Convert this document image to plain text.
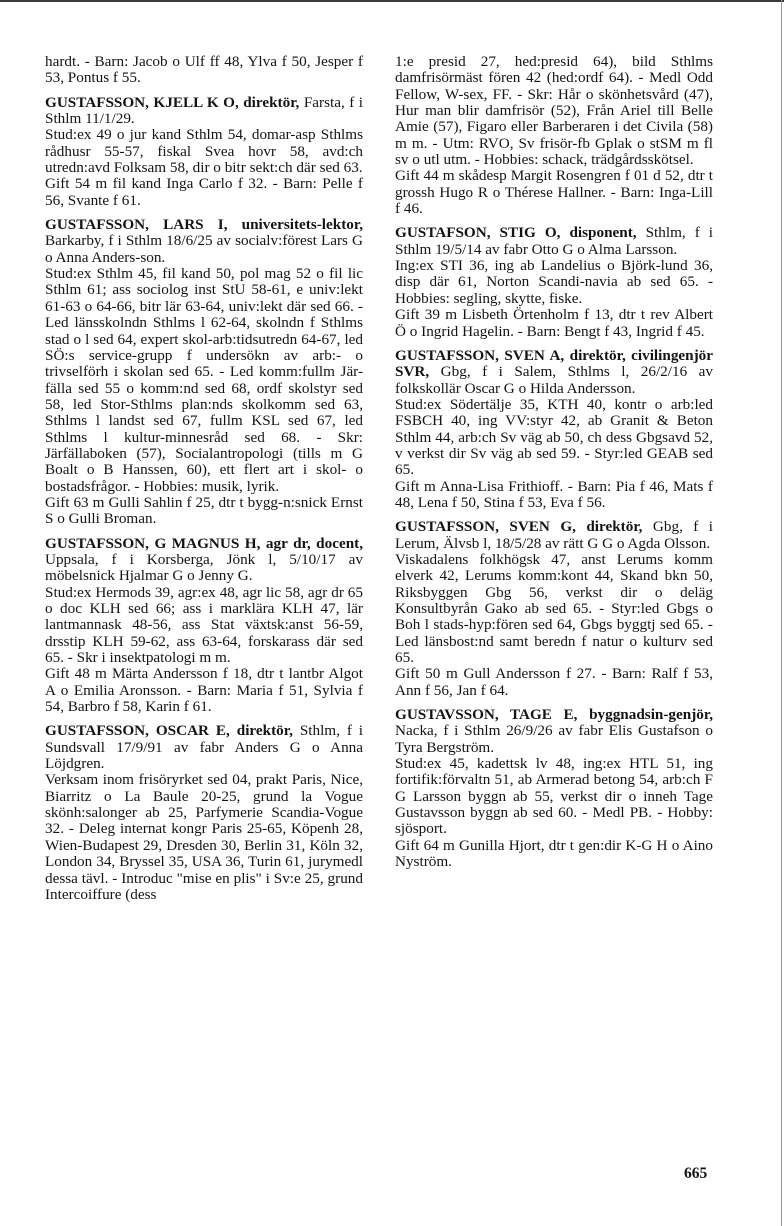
hardt. - Barn: Jacob o Ulf ff 48, Ylva f 50, Jesper f 53, Pontus f 55.
GUSTAFSSON, KJELL K O, direktör, Farsta, f i Sthlm 11/1/29.
Stud:ex 49 o jur kand Sthlm 54, domar-asp Sthlms rådhusr 55-57, fiskal Svea hovr 58, avd:ch utredn:avd Folksam 58, dir o bitr sekt:ch där sed 63.
Gift 54 m fil kand Inga Carlo f 32. - Barn: Pelle f 56, Svante f 61.
GUSTAFSSON, LARS I, universitets-lektor, Barkarby, f i Sthlm 18/6/25 av socialv:förest Lars G o Anna Anders-son.
Stud:ex Sthlm 45, fil kand 50, pol mag 52 o fil lic Sthlm 61; ass sociolog inst StU 58-61, e univ:lekt 61-63 o 64-66, bitr lär 63-64, univ:lekt där sed 66. - Led länsskolndn Sthlms l 62-64, skolndn f Sthlms stad o l sed 64, expert skol-arb:tidsutredn 64-67, led SÖ:s service-grupp f undersökn av arb:- o trivselförh i skolan sed 65. - Led komm:fullm Jär-fälla sed 55 o komm:nd sed 68, ordf skolstyr sed 58, led Stor-Sthlms plan:nds skolkomm sed 63, Sthlms l landst sed 67, fullm KSL sed 67, led Sthlms l kultur-minnesråd sed 68. - Skr: Järfällaboken (57), Socialantropologi (tills m G Boalt o B Hanssen, 60), ett flert art i skol- o bostadsfrågor. - Hobbies: musik, lyrik.
Gift 63 m Gulli Sahlin f 25, dtr t bygg-n:snick Ernst S o Gulli Broman.
GUSTAFSSON, G MAGNUS H, agr dr, docent, Uppsala, f i Korsberga, Jönk l, 5/10/17 av möbelsnick Hjalmar G o Jenny G.
Stud:ex Hermods 39, agr:ex 48, agr lic 58, agr dr 65 o doc KLH sed 66; ass i marklära KLH 47, lär lantmannask 48-56, ass Stat växtsk:anst 56-59, drsstip KLH 59-62, ass 63-64, forskarass där sed 65. - Skr i insektpatologi m m.
Gift 48 m Märta Andersson f 18, dtr t lantbr Algot A o Emilia Aronsson. - Barn: Maria f 51, Sylvia f 54, Barbro f 58, Karin f 61.
GUSTAFSSON, OSCAR E, direktör, Sthlm, f i Sundsvall 17/9/91 av fabr Anders G o Anna Löjdgren.
Verksam inom frisöryrket sed 04, prakt Paris, Nice, Biarritz o La Baule 20-25, grund la Vogue skönh:salonger ab 25, Parfymerie Scandia-Vogue 32. - Deleg internat kongr Paris 25-65, Köpenh 28, Wien-Budapest 29, Dresden 30, Berlin 31, Köln 32, London 34, Bryssel 35, USA 36, Turin 61, jurymedl dessa tävl. - Introduc "mise en plis" i Sv:e 25, grund Intercoiffure (dess
1:e presid 27, hed:presid 64), bild Sthlms damfrisörmäst fören 42 (hed:ordf 64). - Medl Odd Fellow, W-sex, FF. - Skr: Hår o skönhetsvård (47), Hur man blir damfrisör (52), Från Ariel till Belle Amie (57), Figaro eller Barberaren i det Civila (58) m m. - Utm: RVO, Sv frisör-fb Gplak o stSM m fl sv o utl utm. - Hobbies: schack, trädgårdsskötsel.
Gift 44 m skådesp Margit Rosengren f 01 d 52, dtr t grossh Hugo R o Thérese Hallner. - Barn: Inga-Lill f 46.
GUSTAFSON, STIG O, disponent, Sthlm, f i Sthlm 19/5/14 av fabr Otto G o Alma Larsson.
Ing:ex STI 36, ing ab Landelius o Björk-lund 36, disp där 61, Norton Scandi-navia ab sed 65. - Hobbies: segling, skytte, fiske.
Gift 39 m Lisbeth Örtenholm f 13, dtr t rev Albert Ö o Ingrid Hagelin. - Barn: Bengt f 43, Ingrid f 45.
GUSTAFSSON, SVEN A, direktör, civilingenjör SVR, Gbg, f i Salem, Sthlms l, 26/2/16 av folkskollär Oscar G o Hilda Andersson.
Stud:ex Södertälje 35, KTH 40, kontr o arb:led FSBCH 40, ing VV:styr 42, ab Granit & Beton Sthlm 44, arb:ch Sv väg ab 50, ch dess Gbgsavd 52, v verkst dir Sv väg ab sed 59. - Styr:led GEAB sed 65.
Gift m Anna-Lisa Frithioff. - Barn: Pia f 46, Mats f 48, Lena f 50, Stina f 53, Eva f 56.
GUSTAFSSON, SVEN G, direktör, Gbg, f i Lerum, Älvsb l, 18/5/28 av rätt G G o Agda Olsson.
Viskadalens folkhögsk 47, anst Lerums komm elverk 42, Lerums komm:kont 44, Skand bkn 50, Riksbyggen Gbg 56, verkst dir o deläg Konsultbyrån Gako ab sed 65. - Styr:led Gbgs o Boh l stads-hyp:fören sed 64, Gbgs byggtj sed 65. - Led länsbost:nd samt beredn f natur o kulturv sed 65.
Gift 50 m Gull Andersson f 27. - Barn: Ralf f 53, Ann f 56, Jan f 64.
GUSTAVSSON, TAGE E, byggnadsin-genjör, Nacka, f i Sthlm 26/9/26 av fabr Elis Gustafson o Tyra Bergström.
Stud:ex 45, kadettsk lv 48, ing:ex HTL 51, ing fortifik:förvaltn 51, ab Armerad betong 54, arb:ch F G Larsson byggn ab 55, verkst dir o inneh Tage Gustavsson byggn ab sed 60. - Medl PB. - Hobby: sjösport.
Gift 64 m Gunilla Hjort, dtr t gen:dir K-G H o Aino Nyström.
665
